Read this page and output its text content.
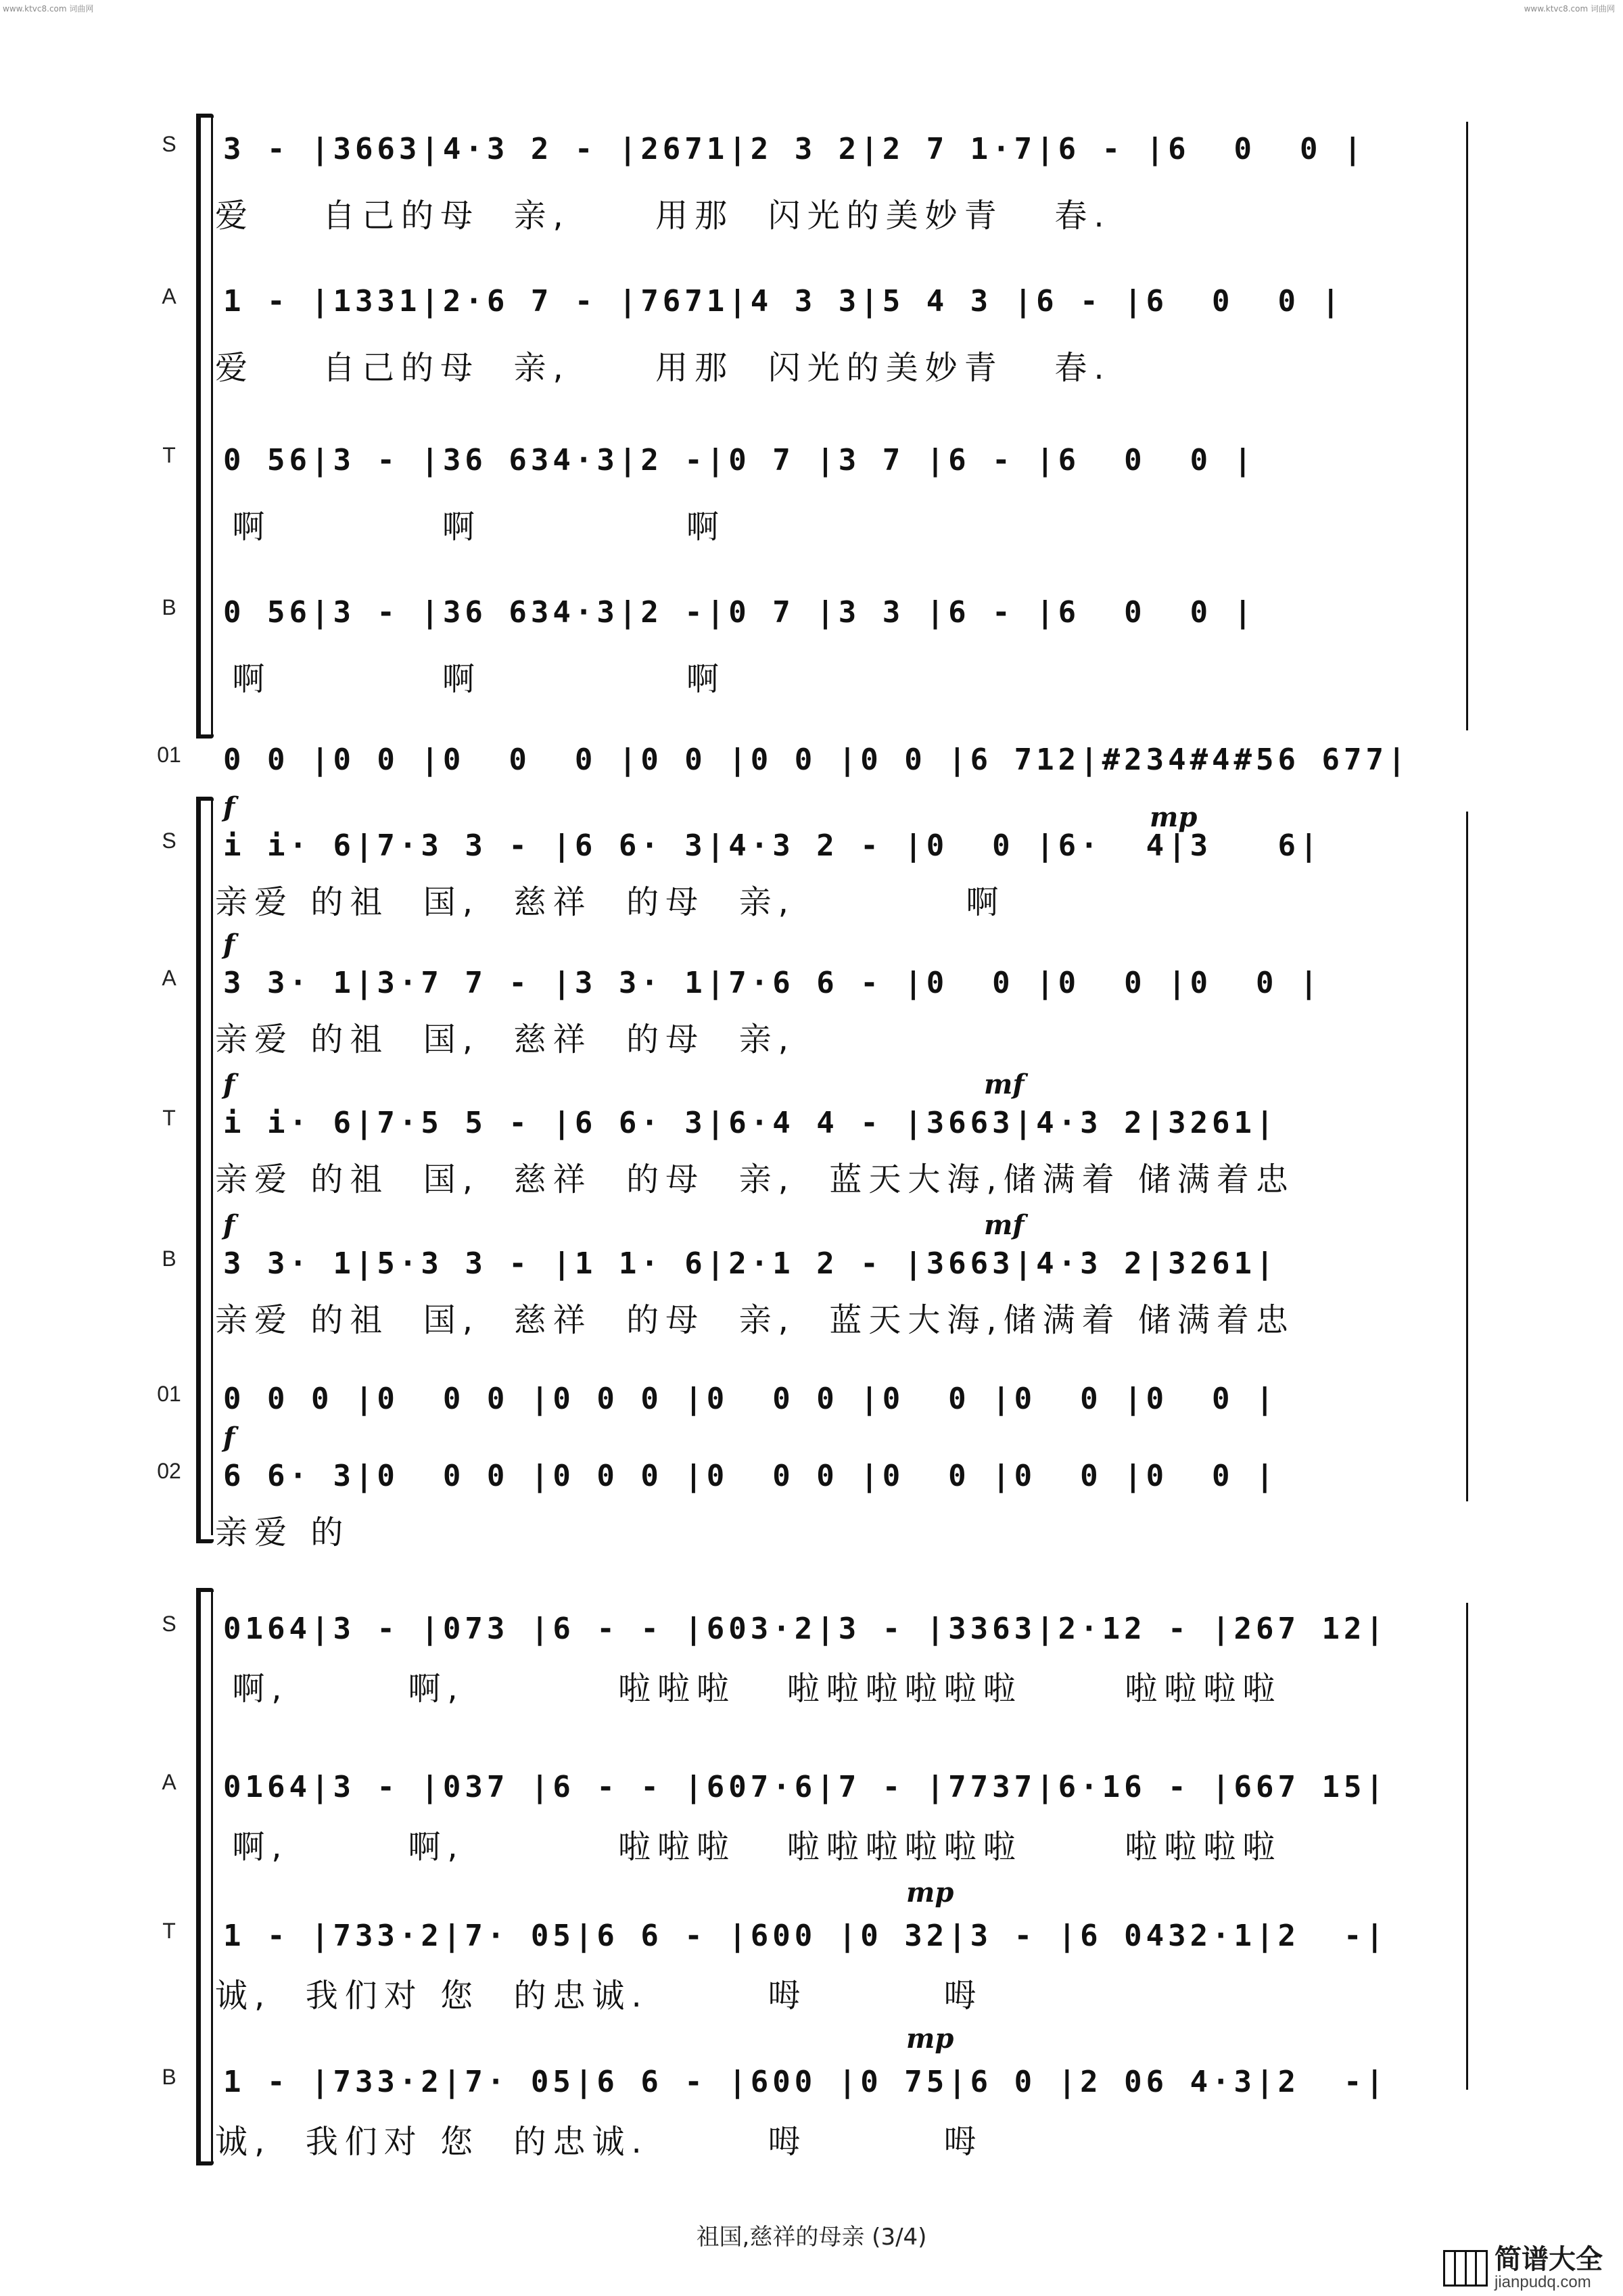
www.ktvc8.com 词曲网	www.ktvc8.com 词曲网
S	3 - |3663|4·3 2 - |2671|2 3 2|2 7 1·7|6 - |6  0  0 |
爱    自己的母  亲,     用那  闪光的美妙青   春.
A	1 - |1331|2·6 7 - |7671|4 3 3|5 4 3 |6 - |6  0  0 |
爱    自己的母  亲,     用那  闪光的美妙青   春.
T	0 56|3 - |36 634·3|2 -|0 7 |3 7 |6 - |6  0  0 |
啊          啊            啊
B	0 56|3 - |36 634·3|2 -|0 7 |3 3 |6 - |6  0  0 |
啊          啊            啊
01 0 0 |0 0 |0  0  0 |0 0 |0 0 |0 0 |6 712|#234#4#56 677|
f	mp
S	i i· 6|7·3 3 - |6 6· 3|4·3 2 - |0  0 |6·  4|3   6|
亲爱 的祖  国,  慈祥  的母  亲,          啊
f
A	3 3· 1|3·7 7 - |3 3· 1|7·6 6 - |0  0 |0  0 |0  0 |
亲爱 的祖  国,  慈祥  的母  亲,
f	mf
T	i i· 6|7·5 5 - |6 6· 3|6·4 4 - |3663|4·3 2|3261|
亲爱 的祖  国,  慈祥  的母  亲,  蓝天大海,储满着 储满着忠
f	mf
B	3 3· 1|5·3 3 - |1 1· 6|2·1 2 - |3663|4·3 2|3261|
亲爱 的祖  国,  慈祥  的母  亲,  蓝天大海,储满着 储满着忠
01 0 0 0 |0  0 0 |0 0 0 |0  0 0 |0  0 |0  0 |0  0 |
f
02 6 6· 3|0  0 0 |0 0 0 |0  0 0 |0  0 |0  0 |0  0 |
亲爱 的
S	0164|3 - |073 |6 - - |603·2|3 - |3363|2·12 - |267 12|
啊,       啊,         啦啦啦   啦啦啦啦啦啦      啦啦啦啦
A	0164|3 - |037 |6 - - |607·6|7 - |7737|6·16 - |667 15|
啊,       啊,         啦啦啦   啦啦啦啦啦啦      啦啦啦啦
mp
T	1 - |733·2|7· 05|6 6 - |600 |0 32|3 - |6 0432·1|2  -|
诚,  我们对 您  的忠诚.       呣        呣
mp
B	1 - |733·2|7· 05|6 6 - |600 |0 75|6 0 |2 06 4·3|2  -|
诚,  我们对 您  的忠诚.       呣        呣
祖国,慈祥的母亲 (3/4)
简谱大全
jianpudq.com
